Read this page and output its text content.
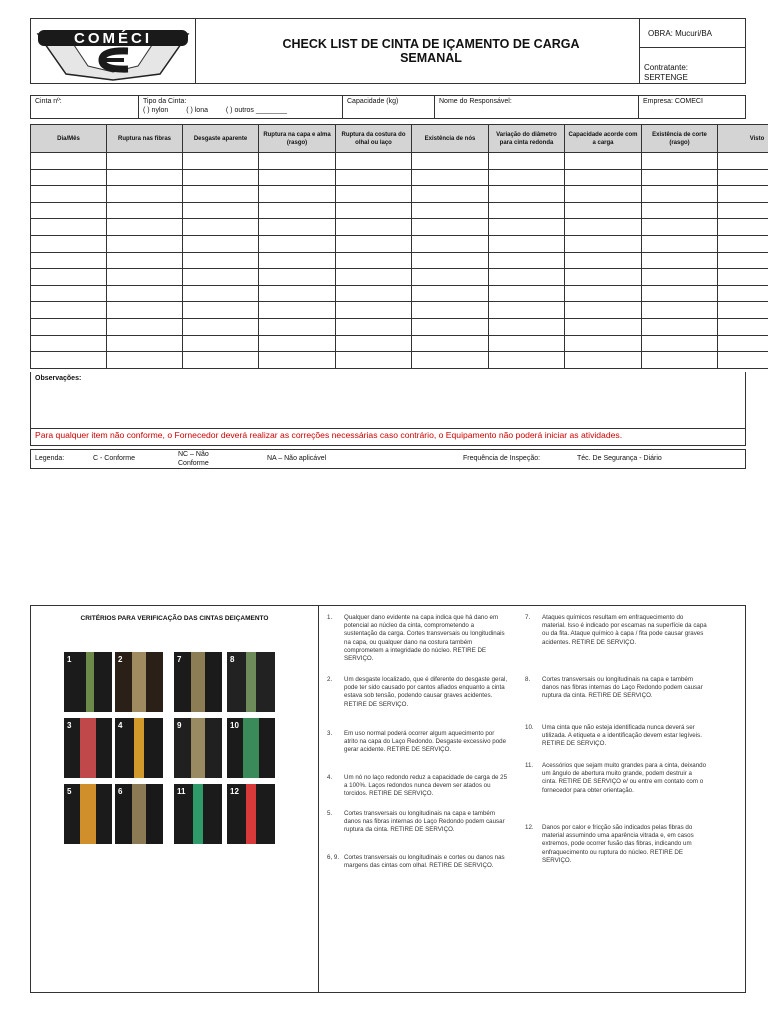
COMÉCI	CHECK LIST DE CINTA DE IÇAMENTO DE CARGA
SEMANAL
OBRA: Mucuri/BA
Contratante:
SERTENGE
Cinta nº:	Tipo da Cinta:
( ) nylon	( ) lona	( ) outros ________
Capacidade (kg)	Nome do Responsável:	Empresa: COMECI
Dia/Mês	Ruptura nas fibras	Desgaste aparente	Ruptura na capa e alma (rasgo)	Ruptura da costura do olhal ou laço	Existência de nós	Variação do diâmetro para cinta redonda	Capacidade acorde com a carga	Existência de corte (rasgo)	Visto

Observações:
Para qualquer item não conforme, o Fornecedor deverá realizar as correções necessárias caso contrário, o Equipamento não poderá iniciar as atividades.
Legenda:	C - Conforme
NC – Não
Conforme
NA – Não aplicável	Frequência de Inspeção:	Téc. De Segurança - Diário
CRITÉRIOS PARA VERIFICAÇÃO DAS CINTAS DEIÇAMENTO
1	2	7	8
3	4	9	10
5	6	11	12
1. Qualquer dano evidente na capa indica que há dano em potencial ao núcleo da cinta, comprometendo a sustentação da carga. Cortes transversais ou longitudinais na capa, ou qualquer dano na costura também comprometem a integridade do núcleo. RETIRE DE SERVIÇO.
2. Um desgaste localizado, que é diferente do desgaste geral, pode ter sido causado por cantos afiados enquanto a cinta estava sob tensão, podendo causar graves acidentes. RETIRE DE SERVIÇO.
3. Em uso normal poderá ocorrer algum aquecimento por atrito na capa do Laço Redondo. Desgaste excessivo pode gerar acidente. RETIRE DE SERVIÇO.
4. Um nó no laço redondo reduz a capacidade de carga de 25 a 100%. Laços redondos nunca devem ser atados ou torcidos. RETIRE DE SERVIÇO.
5. Cortes transversais ou longitudinais na capa e também danos nas fibras internas do Laço Redondo podem causar ruptura da cinta. RETIRE DE SERVIÇO.
6, 9. Cortes transversais ou longitudinais e cortes ou danos nas margens das cintas com olhal. RETIRE DE SERVIÇO.
7. Ataques químicos resultam em enfraquecimento do material. Isso é indicado por escamas na superfície da capa ou da fita. Ataque químico à capa / fita pode causar graves acidentes. RETIRE DE SERVIÇO.
8. Cortes transversais ou longitudinais na capa e também danos nas fibras internas do Laço Redondo podem causar ruptura da cinta. RETIRE DE SERVIÇO.
10. Uma cinta que não esteja identificada nunca deverá ser utilizada. A etiqueta e a identificação devem estar legíveis. RETIRE DE SERVIÇO.
11. Acessórios que sejam muito grandes para a cinta, deixando um ângulo de abertura muito grande, podem destruir a cinta. RETIRE DE SERVIÇO e/ ou entre em contato com o fornecedor para obter orientação.
12. Danos por calor e fricção são indicados pelas fibras do material assumindo uma aparência vitrada e, em casos extremos, pode ocorrer fusão das fibras, indicando um enfraquecimento ou ruptura do núcleo. RETIRE DE SERVIÇO.
